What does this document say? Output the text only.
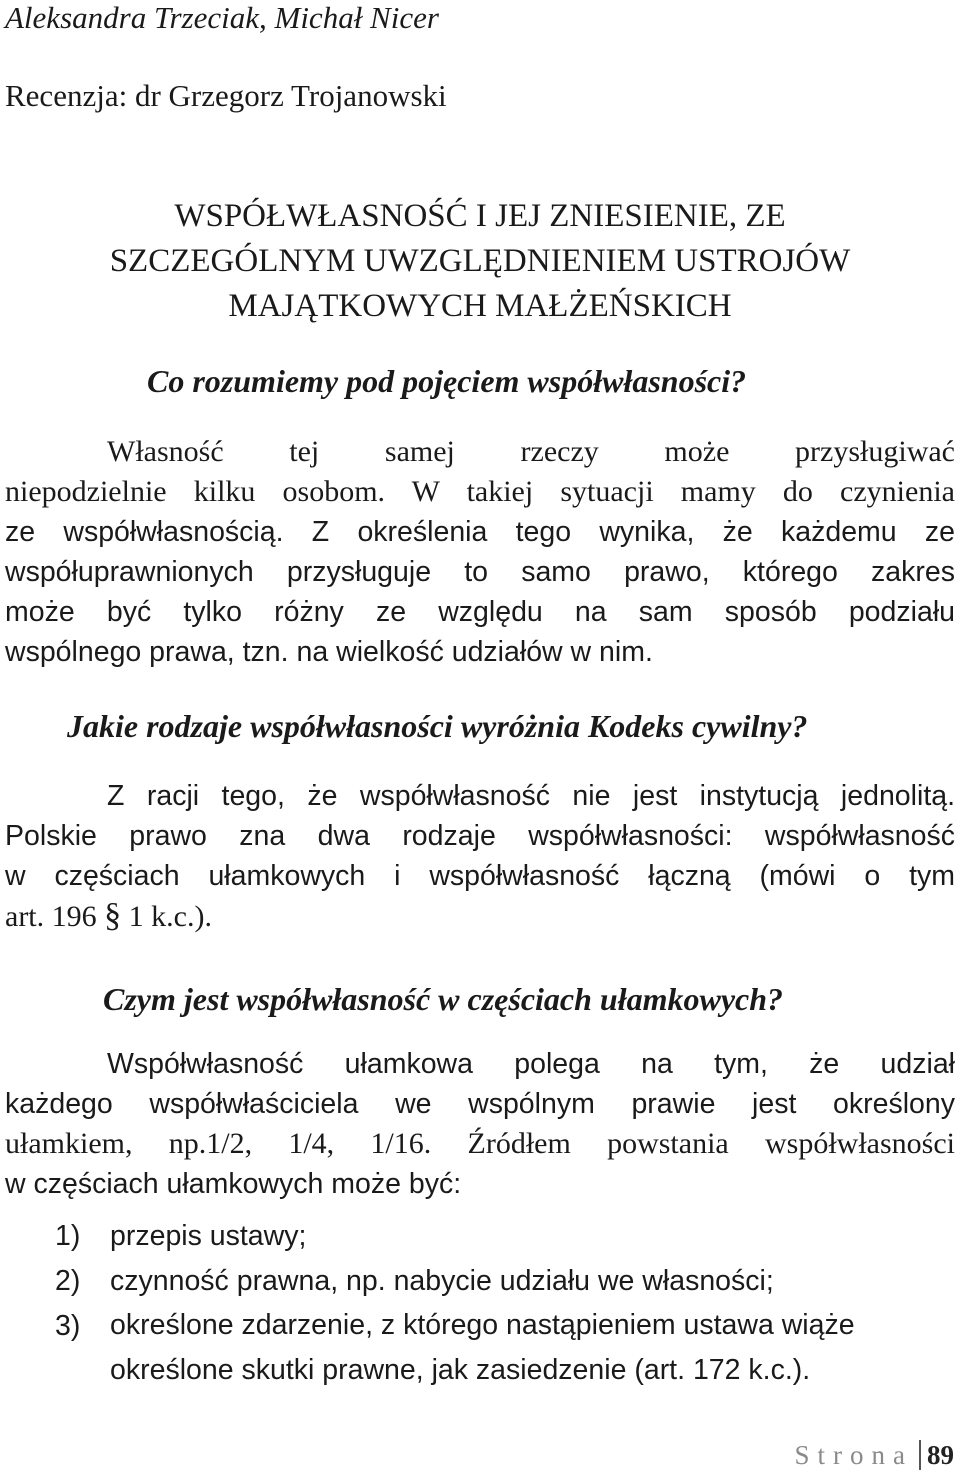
Aleksandra Trzeciak, Michał Nicer

Recenzja: dr Grzegorz Trojanowski

WSPÓŁWŁASNOŚĆ I JEJ ZNIESIENIE, ZE
SZCZEGÓLNYM UWZGLĘDNIENIEM USTROJÓW
MAJĄTKOWYCH MAŁŻEŃSKICH

Co rozumiemy pod pojęciem współwłasności?

Własność tej samej rzeczy może przysługiwać
niepodzielnie kilku osobom. W takiej sytuacji mamy do czynienia
ze współwłasnością. Z określenia tego wynika, że każdemu ze
współuprawnionych przysługuje to samo prawo, którego zakres
może być tylko różny ze względu na sam sposób podziału
wspólnego prawa, tzn. na wielkość udziałów w nim.

Jakie rodzaje współwłasności wyróżnia Kodeks cywilny?

Z racji tego, że współwłasność nie jest instytucją jednolitą.
Polskie prawo zna dwa rodzaje współwłasności: współwłasność
w częściach ułamkowych i współwłasność łączną (mówi o tym
art. 196 § 1 k.c.).

Czym jest współwłasność w częściach ułamkowych?

Współwłasność ułamkowa polega na tym, że udział
każdego współwłaściciela we wspólnym prawie jest określony
ułamkiem, np.1/2, 1/4, 1/16. Źródłem powstania współwłasności
w częściach ułamkowych może być:
1) przepis ustawy;
2) czynność prawna, np. nabycie udziału we własności;
3) określone zdarzenie, z którego nastąpieniem ustawa wiąże określone skutki prawne, jak zasiedzenie (art. 172 k.c.).
Strona 89
